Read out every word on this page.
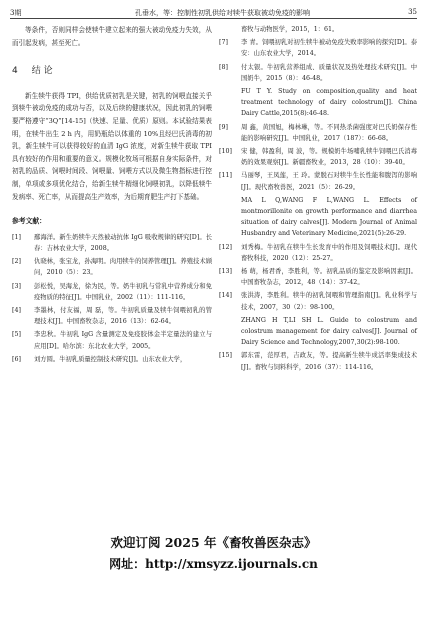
3期	孔垂水，等：控制性初乳供给对犊牛获取被动免疫的影响	35

等条件，否则同样会使犊牛建立起来的强大被动免疫力失效，从而引起发病，甚至死亡。

4 结 论

新生犊牛获得 TPI，供给优质初乳是关键，初乳的饲喂直接关乎到犊牛被动免疫的成功与否，以及后续的健康状况，因此初乳的饲喂要严格遵守“3Q”[14-15]（快速、足量、优质）原则。本试验结果表明，在犊牛出生 2 h 内，用奶瓶给以体重的 10%且经巴氏消毒的初乳，新生犊牛可以获得较好的血清 IgG 浓度，对新生犊牛获取 TPI 具有较好的作用和重要的意义。规模化牧场可根据自身实际条件，对初乳的品质、饲喂时间段、饲喂量、饲喂方式以及微生物指标进行控制，单项或多项优化结合，给新生犊牛精细化饲喂初乳，以降低犊牛发病率、死亡率，从而提高生产效率，为后期育肥生产打下基础。

参考文献：

[1] 鄢海洋。新生奶犊牛天然被动抗体 IgG 吸收规律的研究[D]。长春：吉林农业大学，2008。

[2] 仇晓林，张宝龙，孙海明。肉用犊牛的饲养管理[J]。养殖技术顾问，2010（5）：23。

[3] 彭松悦，吴海龙，徐为民，等。奶牛初乳与常乳中营养成分和免疫物质的特征[J]。中国乳业，2002（11）：111-116。

[4] 李墨林，付友福，周 磊，等。牛初乳质量及犊牛饲喂初乳的管理技术[J]。中国畜牧杂志，2016（13）：62-64。

[5] 李忠秋。牛初乳 IgG 含量测定及免疫胶体金半定量法的建立与应用[D]。哈尔滨：东北农业大学，2005。

[6] 刘方圆。牛初乳质量控制技术研究[J]。山东农业大学，

畜牧与动物医学，2015，1：61。

[7] 李 青。饲喂初乳对初生犊牛被动免疫失败率影响的探究[D]。泰安：山东农业大学，2014。

[8] 付太银。牛初乳营养组成、质量状况及热处理技术研究[J]。中国奶牛，2015（8）：46-48。

FU T Y. Study on composition,quality and heat treatment technology of dairy colostrum[J]. China Dairy Cattle,2015(8):46-48.

[9] 周 鑫，黄国旭，梅林琳，等。不同热杀菌强度对巴氏奶保存性能的影响研究[J]。中国乳业，2017（187）：66-68。

[10] 宋 健，韩盈利，周 波，等。规模奶牛场哺乳犊牛饲喂巴氏消毒奶的效果观察[J]。新疆畜牧业，2013，28（10）：39-40。

[11] 马丽琴，王凤莲，王 玲。蒙脱石对犊牛生长性能和腹泻的影响[J]。现代畜牧兽医，2021（5）：26-29。

MA L Q,WANG F L,WANG L. Effects of montmorillonite on growth performance and diarrhea situation of dairy calves[J]. Modern Journal of Animal Husbandry and Veterinary Medicine,2021(5):26-29.

[12] 刘秀梅。牛初乳在犊牛生长发育中的作用及饲喂技术[J]。现代畜牧科技，2020（12）：25-27。

[13] 杨 萌，杨君香，李胜利，等。初乳品质的鉴定及影响因素[J]。中国畜牧杂志，2012，48（14）：37-42。

[14] 张洪涛，李胜利。犊牛的初乳饲喂和管理指南[J]。乳业科学与技术，2007，30（2）：98-100。

ZHANG H T,LI SH L. Guide to colostrum and colostrum management for dairy calves[J]. Journal of Dairy Science and Technology,2007,30(2):98-100.

[15] 郭东雷，范厚君，吉政友，等。提高新生犊牛成活率集成技术[J]。畜牧与饲料科学，2016（37）：114-116。

欢迎订阅 2025 年《畜牧兽医杂志》
网址：http://xmsyzz.ijournals.cn
